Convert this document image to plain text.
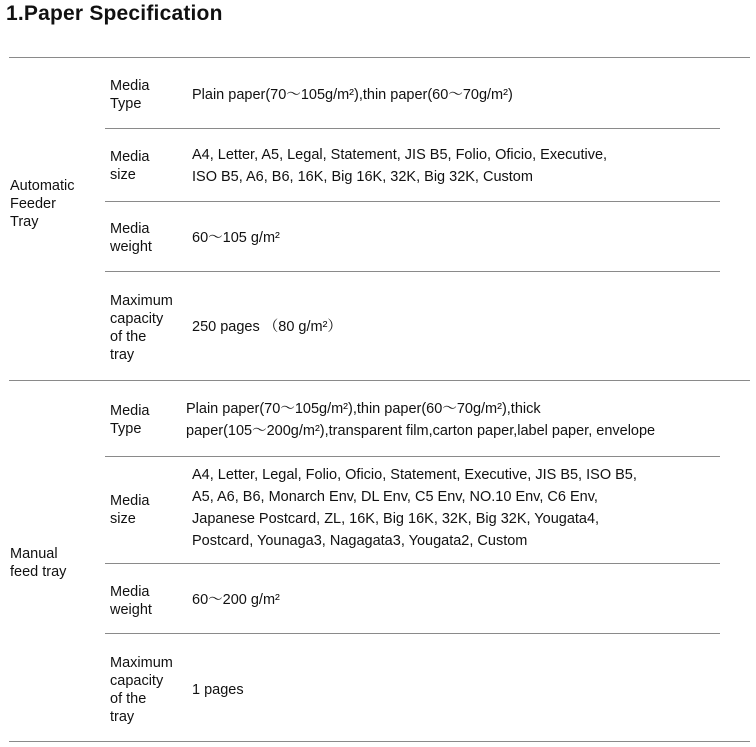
1.Paper Specification
Automatic
Feeder
Tray
Media
Type
Plain paper(70～105g/m²),thin paper(60～70g/m²)
Media
size
A4, Letter, A5, Legal, Statement, JIS B5, Folio, Oficio, Executive,
ISO B5, A6, B6, 16K, Big 16K, 32K, Big 32K, Custom
Media
weight
60～105 g/m²
Maximum
capacity
of the
tray
250 pages （80 g/m²）
Manual
feed tray
Media
Type
Plain paper(70～105g/m²),thin paper(60～70g/m²),thick
paper(105～200g/m²),transparent film,carton paper,label paper, envelope
Media
size
A4, Letter, Legal, Folio, Oficio, Statement, Executive, JIS B5, ISO B5,
A5, A6, B6, Monarch Env, DL Env, C5 Env, NO.10 Env, C6 Env,
Japanese Postcard, ZL, 16K, Big 16K, 32K, Big 32K, Yougata4,
Postcard, Younaga3, Nagagata3, Yougata2, Custom
Media
weight
60～200 g/m²
Maximum
capacity
of the
tray
1 pages
